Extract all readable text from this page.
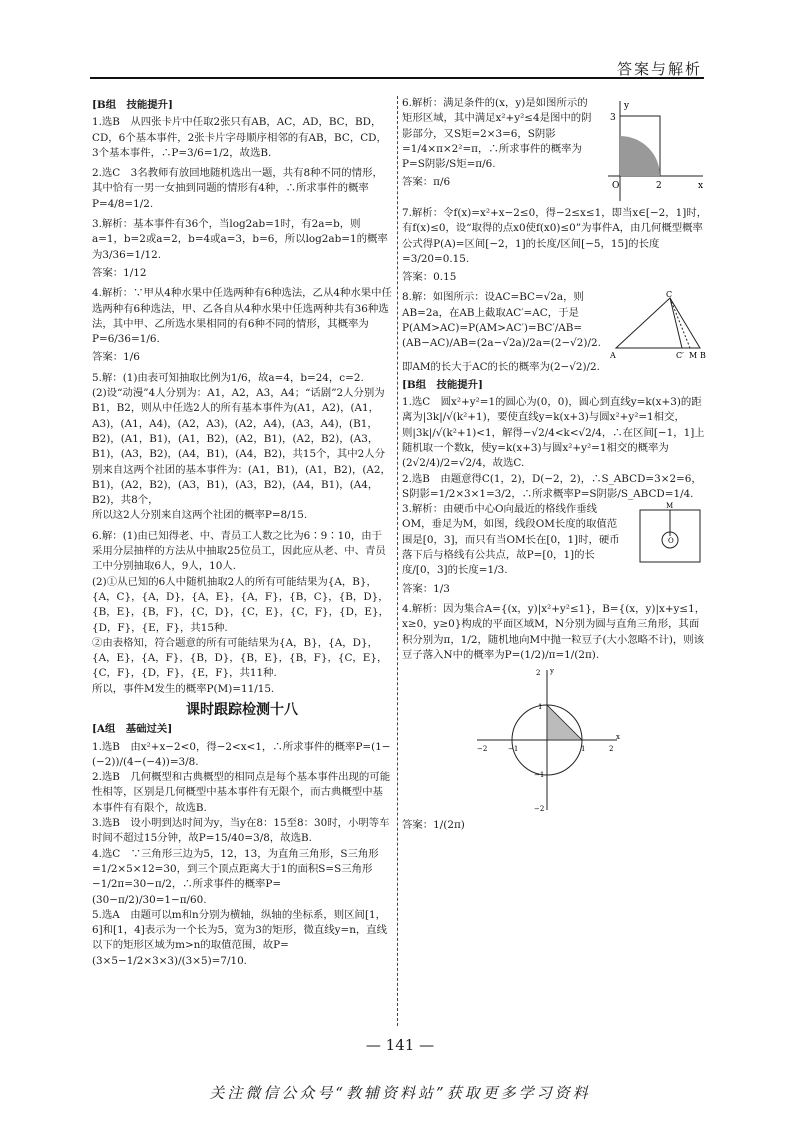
答案与解析
[B组　技能提升]

1.选B　从四张卡片中任取2张只有AB，AC，AD，BC，BD，CD，6个基本事件，2张卡片字母顺序相邻的有AB，BC，CD，3个基本事件，∴P=3/6=1/2，故选B.

2.选C　3名教师有放回地随机选出一题，共有8种不同的情形，其中恰有一男一女抽到同题的情形有4种，∴所求事件的概率P=4/8=1/2.

3.解析：基本事件有36个，当log2ab=1时，有2a=b，则a=1，b=2或a=2，b=4或a=3，b=6，所以log2ab=1的概率为3/36=1/12.

答案：1/12

4.解析：∵甲从4种水果中任选两种有6种选法，乙从4种水果中任选两种有6种选法，甲、乙各自从4种水果中任选两种共有36种选法，其中甲、乙所选水果相同的有6种不同的情形，其概率为P=6/36=1/6.

答案：1/6

5.解：(1)由表可知抽取比例为1/6，故a=4，b=24，c=2.

(2)设“动漫”4人分别为：A1，A2，A3，A4；“话剧”2人分别为B1，B2，则从中任选2人的所有基本事件为(A1，A2)，(A1，A3)，(A1，A4)，(A2，A3)，(A2，A4)，(A3，A4)，(B1，B2)，(A1，B1)，(A1，B2)，(A2，B1)，(A2，B2)，(A3，B1)，(A3，B2)，(A4，B1)，(A4，B2)，共15个，其中2人分别来自这两个社团的基本事件为：(A1，B1)，(A1，B2)，(A2，B1)，(A2，B2)，(A3，B1)，(A3，B2)，(A4，B1)，(A4，B2)，共8个，

所以这2人分别来自这两个社团的概率P=8/15.

6.解：(1)由已知得老、中、青员工人数之比为6∶9∶10，由于采用分层抽样的方法从中抽取25位员工，因此应从老、中、青员工中分别抽取6人，9人，10人.

(2)①从已知的6人中随机抽取2人的所有可能结果为{A，B}，{A，C}，{A，D}，{A，E}，{A，F}，{B，C}，{B，D}，{B，E}，{B，F}，{C，D}，{C，E}，{C，F}，{D，E}，{D，F}，{E，F}，共15种.

②由表格知，符合题意的所有可能结果为{A，B}，{A，D}，{A，E}，{A，F}，{B，D}，{B，E}，{B，F}，{C，E}，{C，F}，{D，F}，{E，F}，共11种.

所以，事件M发生的概率P(M)=11/15.

课时跟踪检测十八
[A组　基础过关]

1.选B　由x²+x−2<0，得−2<x<1，∴所求事件的概率P=(1−(−2))/(4−(−4))=3/8.

2.选B　几何概型和古典概型的相同点是每个基本事件出现的可能性相等，区别是几何概型中基本事件有无限个，而古典概型中基本事件有有限个，故选B.

3.选B　设小明到达时间为y，当y在8：15至8：30时，小明等车时间不超过15分钟，故P=15/40=3/8，故选B.

4.选C　∵三角形三边为5，12，13，为直角三角形，S三角形=1/2×5×12=30，到三个顶点距离大于1的面积S=S三角形−1/2π=30−π/2，∴所求事件的概率P=(30−π/2)/30=1−π/60.

5.选A　由题可以m和n分别为横轴，纵轴的坐标系，则区间[1，6]和[1，4]表示为一个长为5，宽为3的矩形，微直线y=n，直线以下的矩形区域为m>n的取值范围，故P=(3×5−1/2×3×3)/(3×5)=7/10.

6.解析：满足条件的(x，y)是如图所示的矩形区域，其中满足x²+y²≤4是图中的阴影部分，又S矩=2×3=6，S阴影=1/4×π×2²=π，∴所求事件的概率为P=S阴影/S矩=π/6.

答案：π/6	O	x
y
2
3

7.解析：令f(x)=x²+x−2≤0，得−2≤x≤1，即当x∈[−2，1]时，有f(x)≤0，设“取得的点x0使f(x0)≤0”为事件A，由几何概型概率公式得P(A)=区间[−2，1]的长度/区间[−5，15]的长度=3/20=0.15.

答案：0.15

8.解：如图所示：设AC=BC=√2a，则AB=2a，在AB上截取AC′=AC，于是P(AM>AC)=P(AM>AC′)=BC′/AB=(AB−AC)/AB=(2a−√2a)/2a=(2−√2)/2.

A	B
C
C′ M

即AM的长大于AC的长的概率为(2−√2)/2.

[B组　技能提升]

1.选C　圆x²+y²=1的圆心为(0，0)，圆心到直线y=k(x+3)的距离为|3k|/√(k²+1)，要使直线y=k(x+3)与圆x²+y²=1相交，则|3k|/√(k²+1)<1，解得−√2/4<k<√2/4，∴在区间[−1，1]上随机取一个数k，使y=k(x+3)与圆x²+y²=1相交的概率为(2√2/4)/2=√2/4，故选C.

2.选B　由题意得C(1，2)，D(−2，2)，∴S_ABCD=3×2=6，S阴影=1/2×3×1=3/2，∴所求概率P=S阴影/S_ABCD=1/4.

3.解析：由硬币中心O向最近的格线作垂线OM，垂足为M，如图，线段OM长度的取值范围是[0，3]，而只有当OM长在[0，1]时，硬币落下后与格线有公共点，故P=[0，1]的长度/[0，3]的长度=1/3.

答案：1/3

M
O

4.解析：因为集合A={(x，y)|x²+y²≤1}，B={(x，y)|x+y≤1，x≥0，y≥0}构成的平面区域M，N分别为圆与直角三角形，其面积分别为π，1/2，随机地向M中抛一粒豆子(大小忽略不计)，则该豆子落入N中的概率为P=(1/2)/π=1/(2π).

−2	−1	1	2
2
1
−1
−2
x
y

答案：1/(2π)

— 141 —
关注微信公众号“教辅资料站”获取更多学习资料
